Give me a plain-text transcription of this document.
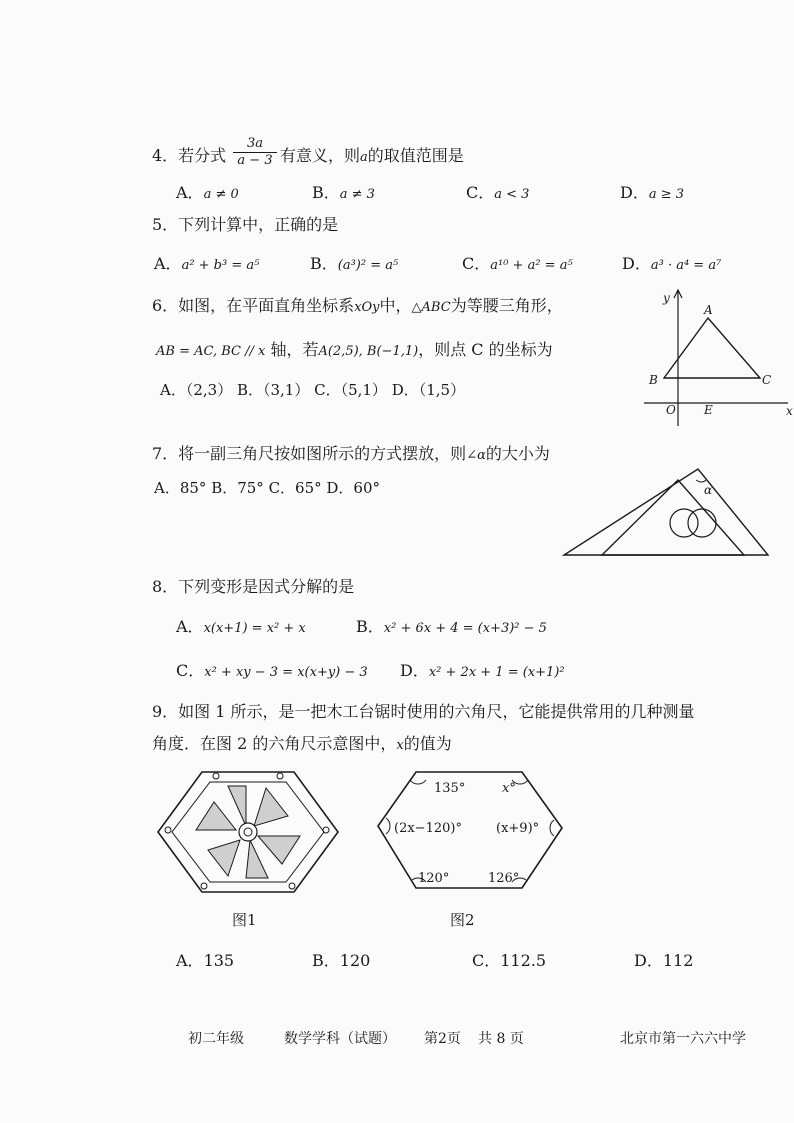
4．若分式 $\frac{3a}{a - 3}$ 有意义，则a的取值范围是
A．a ≠ 0	B．a ≠ 3	C．a < 3	D．a ≥ 3
5．下列计算中，正确的是
A．a² + b³ = a⁵	B．(a³)² = a⁵	C．a¹⁰ + a² = a⁵	D．a³ · a⁴ = a⁷
6．如图，在平面直角坐标系xOy中，△ABC为等腰三角形，
AB = AC, BC // x 轴，若A(2,5), B(−1,1)，则点 C 的坐标为
A．（2,3） B．（3,1） C．（5,1） D．（1,5）
y
A
B	C
O E	x
7．将一副三角尺按如图所示的方式摆放，则∠α的大小为
A．85° B．75° C．65° D．60°	α
8．下列变形是因式分解的是
A．x(x+1) = x² + x	B．x² + 6x + 4 = (x+3)² − 5
C．x² + xy − 3 = x(x+y) − 3 D．x² + 2x + 1 = (x+1)²
9．如图 1 所示，是一把木工台锯时使用的六角尺，它能提供常用的几种测量
角度．在图 2 的六角尺示意图中，x的值为
图1
135°	x°
(2x−120)°	(x+9)°
120°	126°
图2
A．135	B．120	C．112.5	D．112
初二年级	数学学科（试题） 第2页 共 8 页	北京市第一六六中学
